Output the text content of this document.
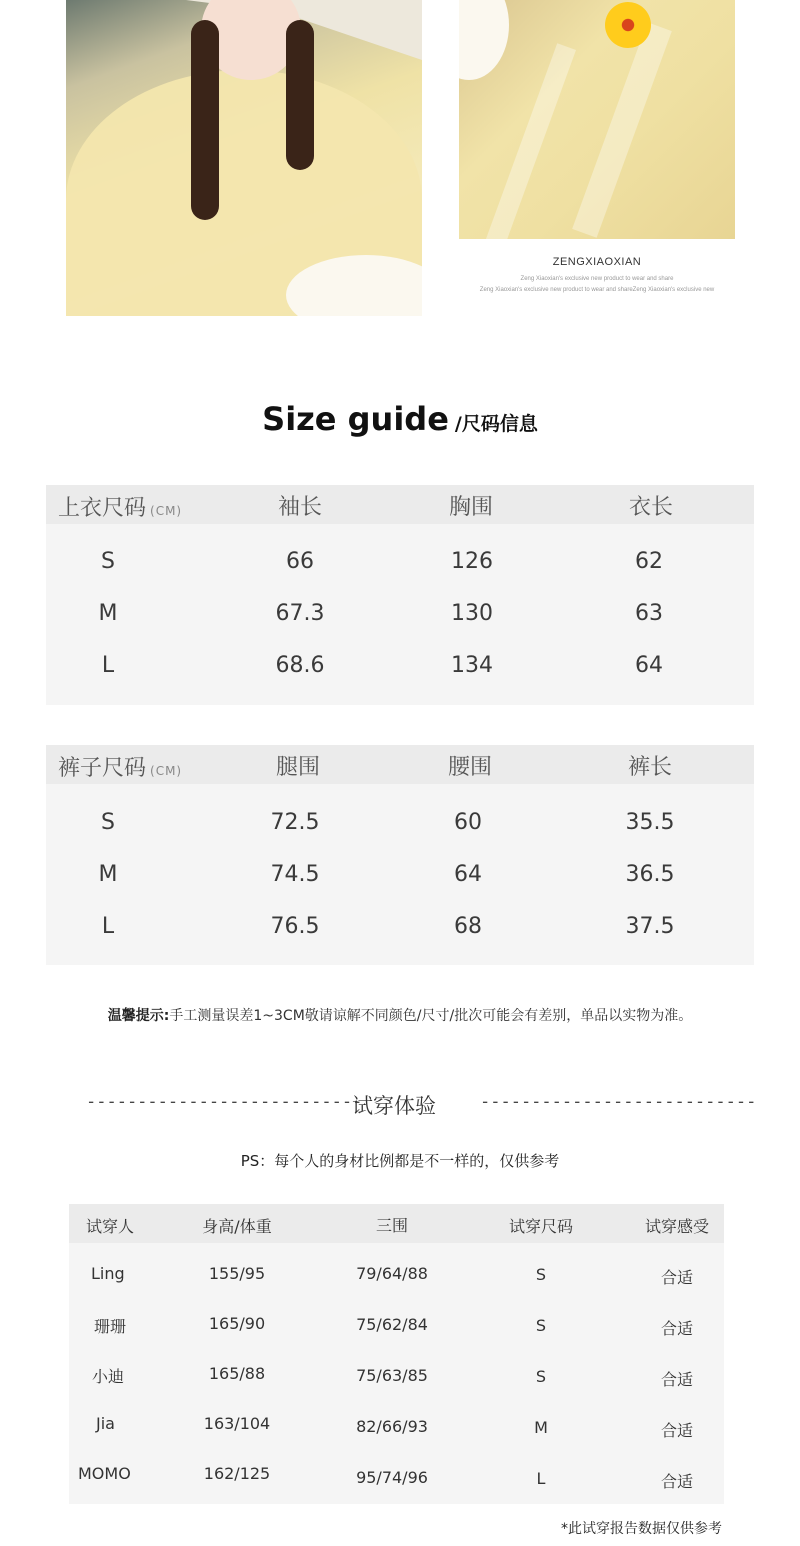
ZENGXIAOXIAN
Zeng Xiaoxian's exclusive new product to wear and share
Zeng Xiaoxian's exclusive new product to wear and shareZeng Xiaoxian's exclusive new
Size guide /尺码信息
上衣尺码 (CM)	袖长	胸围	衣长
S	66	126	62
M	67.3	130	63
L	68.6	134	64
裤子尺码 (CM)	腿围	腰围	裤长
S	72.5	60	35.5
M	74.5	64	36.5
L	76.5	68	37.5
温馨提示:手工测量误差1~3CM敬请谅解不同颜色/尺寸/批次可能会有差别，单品以实物为准。
---------------------------
试穿体验	---------------------------
PS：每个人的身材比例都是不一样的，仅供参考
试穿人	身高/体重	三围	试穿尺码	试穿感受
Ling	155/95	79/64/88	S	合适
珊珊	165/90	75/62/84	S	合适
小迪	165/88	75/63/85	S	合适
Jia	163/104	82/66/93	M	合适
MOMO	162/125	95/74/96	L	合适
*此试穿报告数据仅供参考
